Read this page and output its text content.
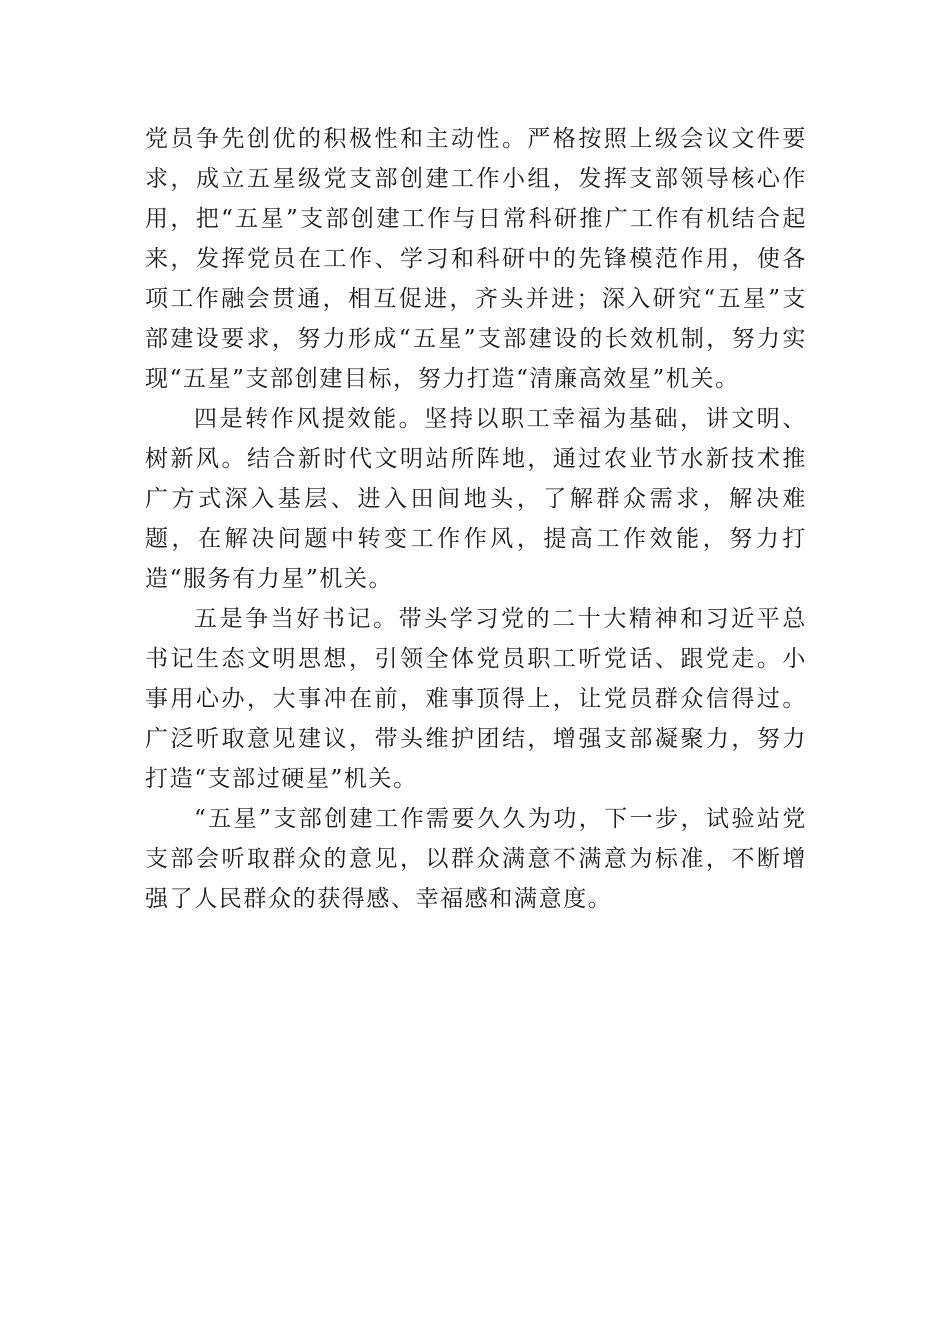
党员争先创优的积极性和主动性。严格按照上级会议文件要求，成立五星级党支部创建工作小组，发挥支部领导核心作用，把“五星”支部创建工作与日常科研推广工作有机结合起来，发挥党员在工作、学习和科研中的先锋模范作用，使各项工作融会贯通，相互促进，齐头并进；深入研究“五星”支部建设要求，努力形成“五星”支部建设的长效机制，努力实现“五星”支部创建目标，努力打造“清廉高效星”机关。

四是转作风提效能。坚持以职工幸福为基础，讲文明、树新风。结合新时代文明站所阵地，通过农业节水新技术推广方式深入基层、进入田间地头，了解群众需求，解决难题，在解决问题中转变工作作风，提高工作效能，努力打造“服务有力星”机关。

五是争当好书记。带头学习党的二十大精神和习近平总书记生态文明思想，引领全体党员职工听党话、跟党走。小事用心办，大事冲在前，难事顶得上，让党员群众信得过。 广泛听取意见建议，带头维护团结，增强支部凝聚力，努力打造“支部过硬星”机关。

“五星”支部创建工作需要久久为功，下一步，试验站党支部会听取群众的意见，以群众满意不满意为标准，不断增强了人民群众的获得感、幸福感和满意度。
